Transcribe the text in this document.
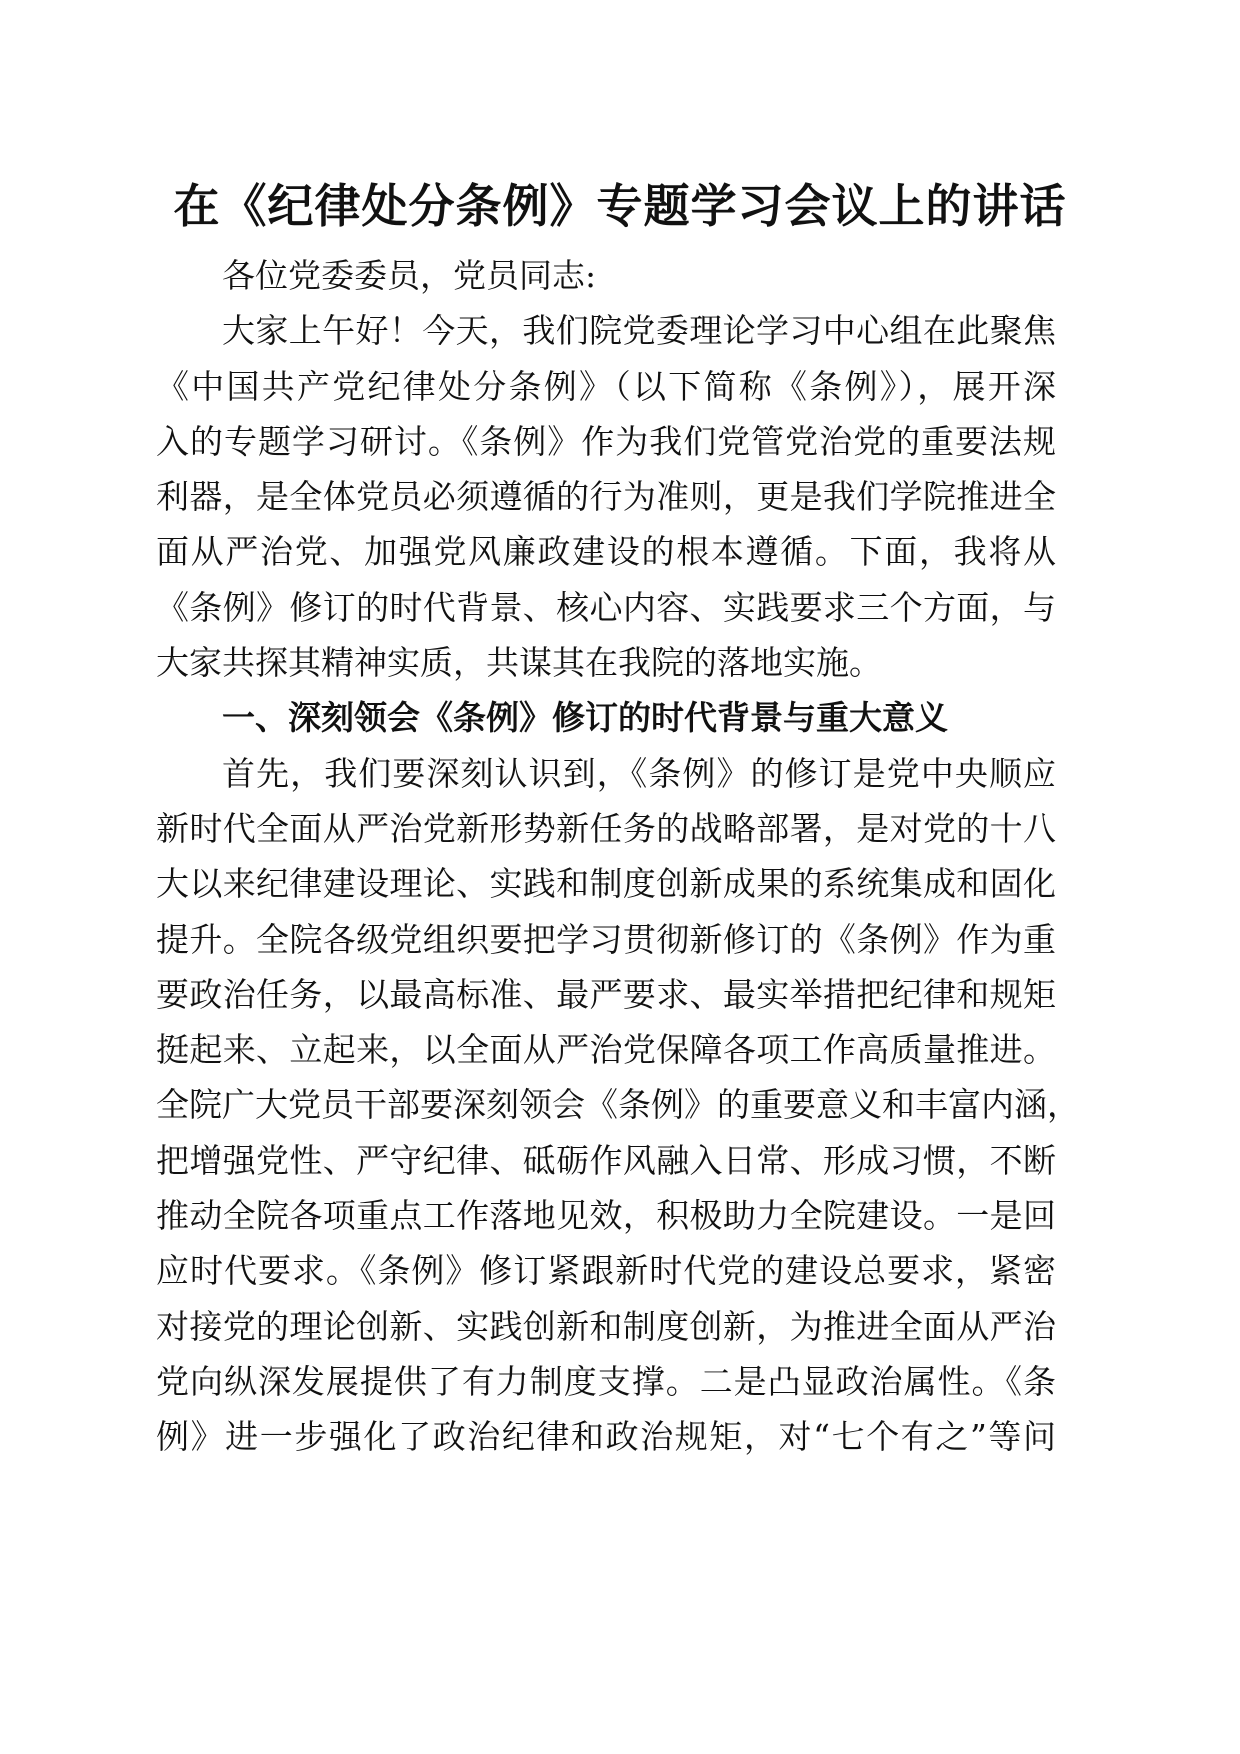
在《纪律处分条例》专题学习会议上的讲话
各位党委委员，党员同志:
大家上午好！今天，我们院党委理论学习中心组在此聚焦
《中国共产党纪律处分条例》（以下简称《条例》），展开深
入的专题学习研讨。《条例》作为我们党管党治党的重要法规
利器，是全体党员必须遵循的行为准则，更是我们学院推进全
面从严治党、加强党风廉政建设的根本遵循。下面，我将从
《条例》修订的时代背景、核心内容、实践要求三个方面，与
大家共探其精神实质，共谋其在我院的落地实施。
一、深刻领会《条例》修订的时代背景与重大意义
首先，我们要深刻认识到，《条例》的修订是党中央顺应
新时代全面从严治党新形势新任务的战略部署，是对党的十八
大以来纪律建设理论、实践和制度创新成果的系统集成和固化
提升。全院各级党组织要把学习贯彻新修订的《条例》作为重
要政治任务，以最高标准、最严要求、最实举措把纪律和规矩
挺起来、立起来，以全面从严治党保障各项工作高质量推进。
全院广大党员干部要深刻领会《条例》的重要意义和丰富内涵，
把增强党性、严守纪律、砥砺作风融入日常、形成习惯，不断
推动全院各项重点工作落地见效，积极助力全院建设。一是回
应时代要求。《条例》修订紧跟新时代党的建设总要求，紧密
对接党的理论创新、实践创新和制度创新，为推进全面从严治
党向纵深发展提供了有力制度支撑。二是凸显政治属性。《条
例》进一步强化了政治纪律和政治规矩，对“七个有之”等问
